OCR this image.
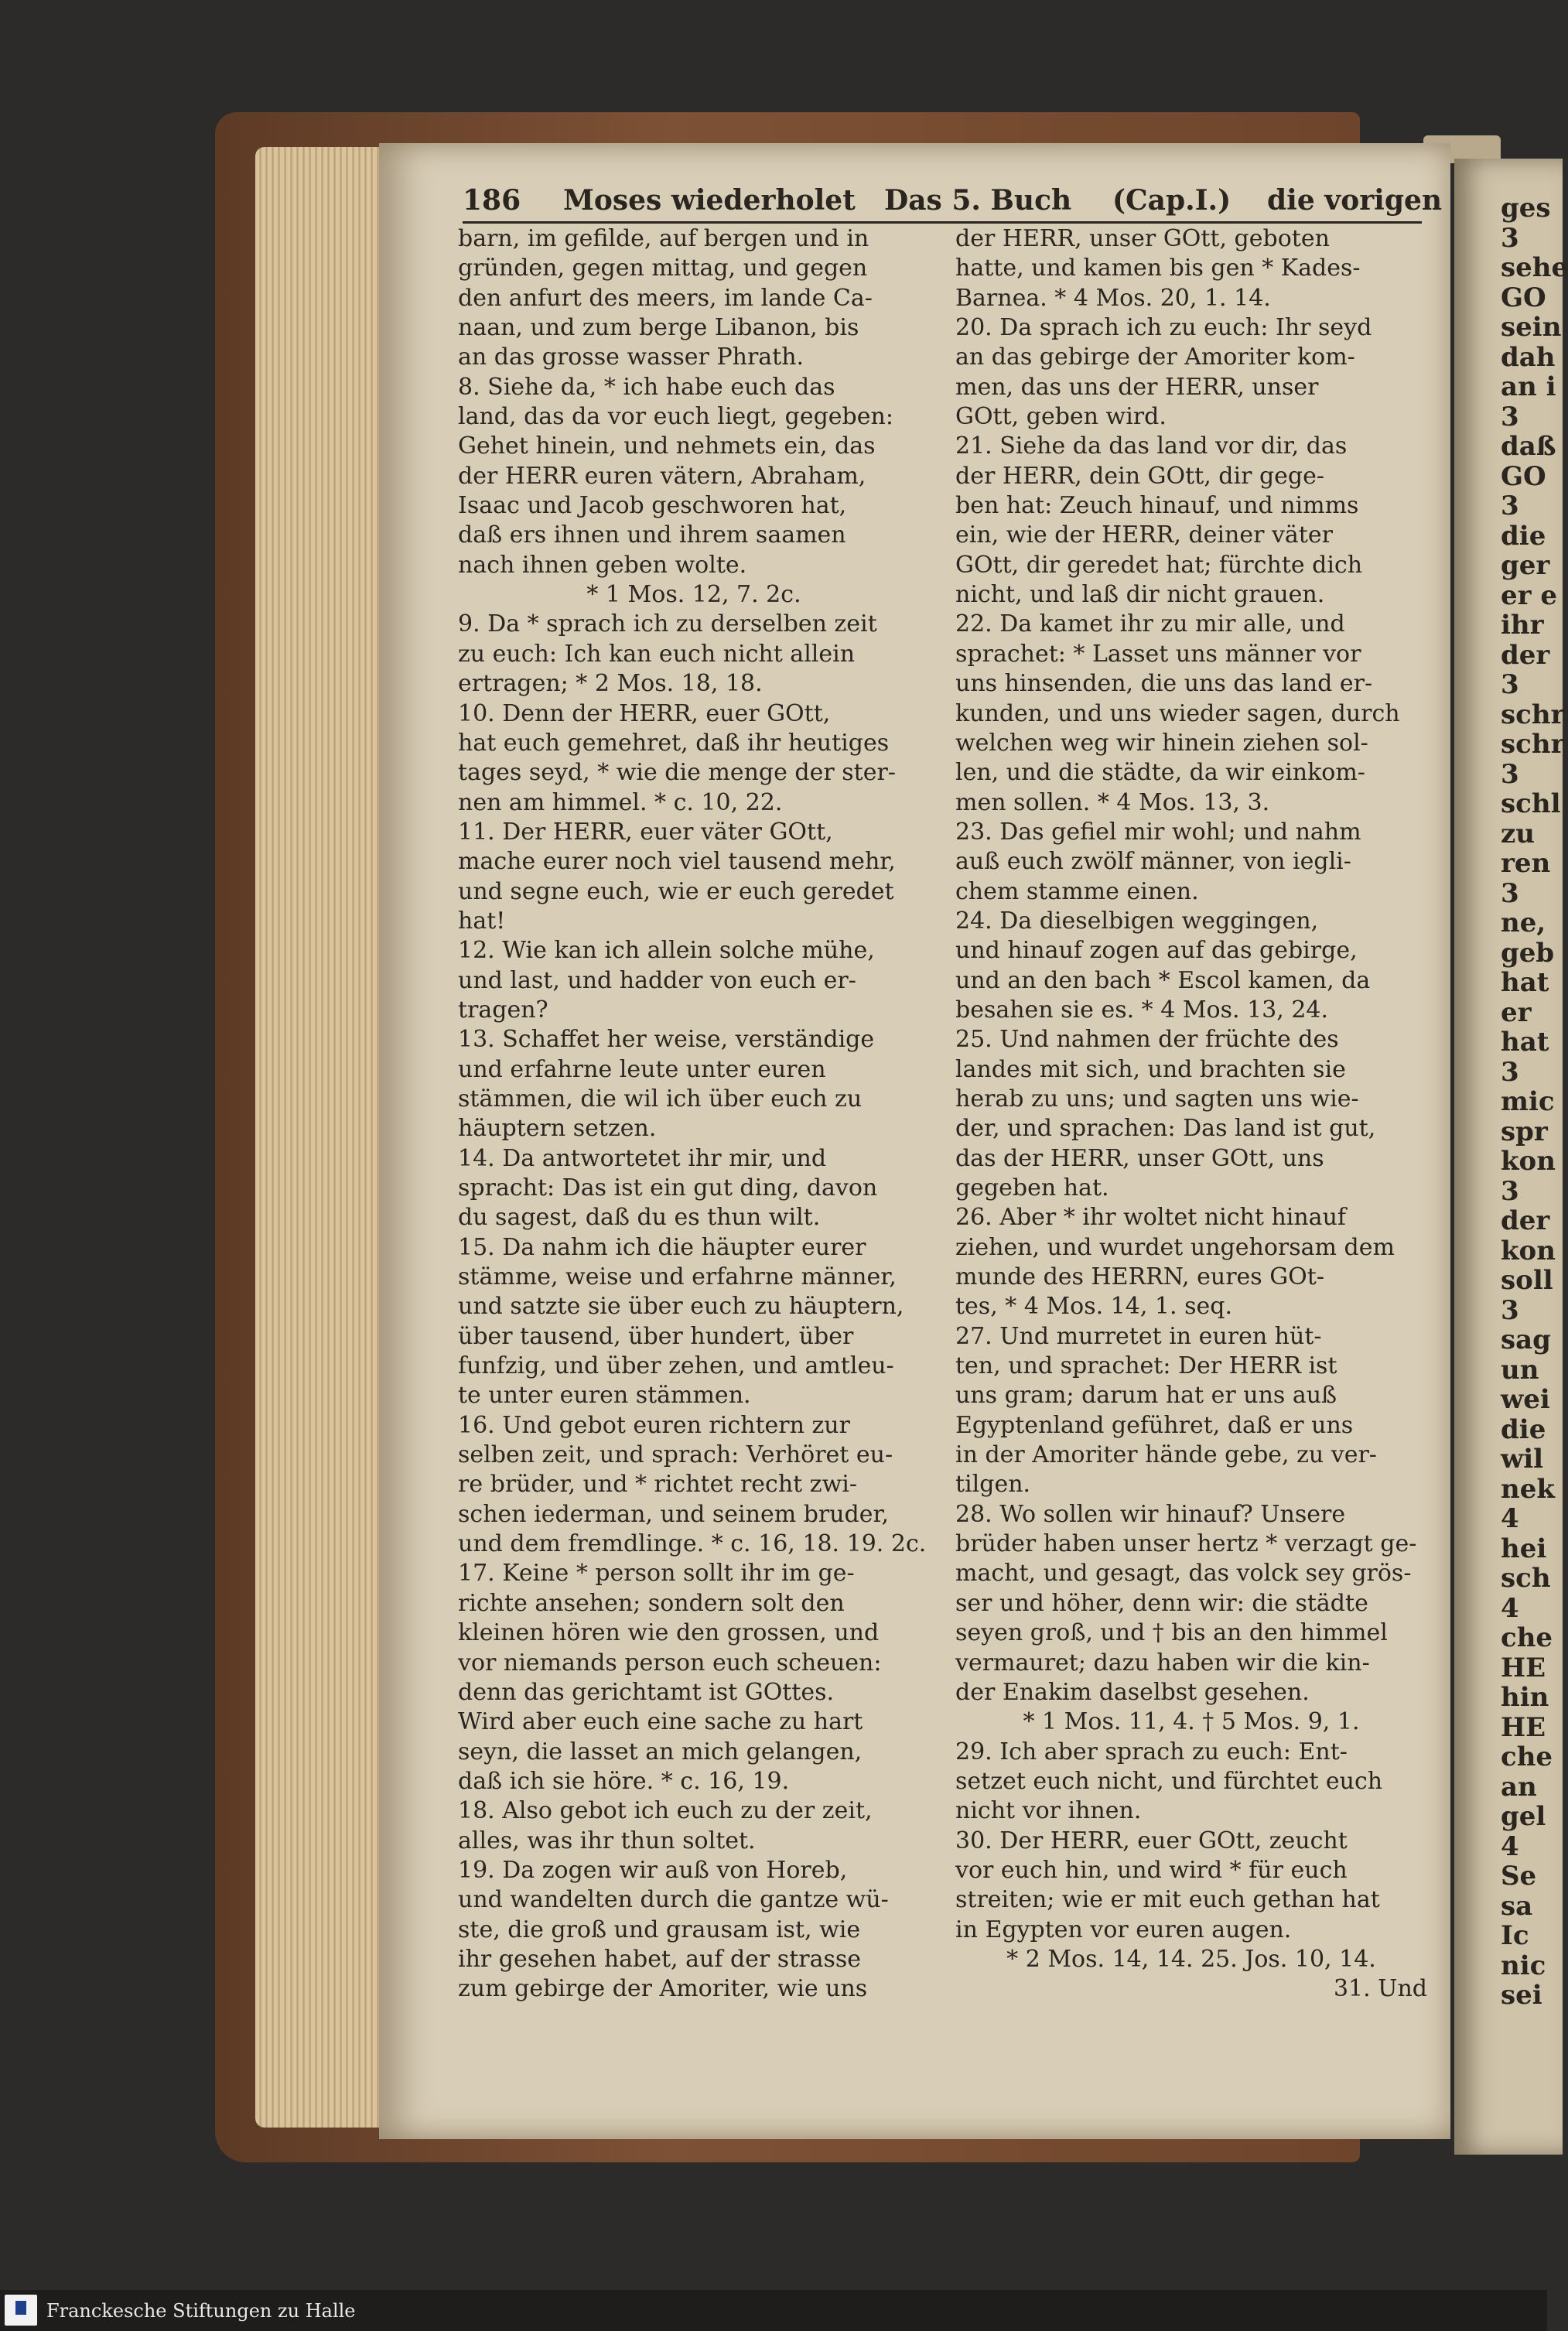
ges
3
sehe
GO
sein
dah
an i
3
daß
GO
3
die
ger
er e
ihr
der
3
schr
schr
3
schl
zu
ren
3
ne,
geb
hat
er
hat
3
mic
spr
kon
3
der
kon
soll
3
sag
un
wei
die
wil
nek
4
hei
sch
4
che
HE
hin
HE
che
an
gel
4
Se
sa
Ic
nic
sei
186 Moses wiederholet Das 5. Buch (Cap.I.) die vorigen
barn, im gefilde, auf bergen und in
gründen, gegen mittag, und gegen
den anfurt des meers, im lande Ca-
naan, und zum berge Libanon, bis
an das grosse wasser Phrath.
8. Siehe da, * ich habe euch das
land, das da vor euch liegt, gegeben:
Gehet hinein, und nehmets ein, das
der HERR euren vätern, Abraham,
Isaac und Jacob geschworen hat,
daß ers ihnen und ihrem saamen
nach ihnen geben wolte.
* 1 Mos. 12, 7. 2c.
9. Da * sprach ich zu derselben zeit
zu euch: Ich kan euch nicht allein
ertragen; * 2 Mos. 18, 18.
10. Denn der HERR, euer GOtt,
hat euch gemehret, daß ihr heutiges
tages seyd, * wie die menge der ster-
nen am himmel. * c. 10, 22.
11. Der HERR, euer väter GOtt,
mache eurer noch viel tausend mehr,
und segne euch, wie er euch geredet
hat!
12. Wie kan ich allein solche mühe,
und last, und hadder von euch er-
tragen?
13. Schaffet her weise, verständige
und erfahrne leute unter euren
stämmen, die wil ich über euch zu
häuptern setzen.
14. Da antwortetet ihr mir, und
spracht: Das ist ein gut ding, davon
du sagest, daß du es thun wilt.
15. Da nahm ich die häupter eurer
stämme, weise und erfahrne männer,
und satzte sie über euch zu häuptern,
über tausend, über hundert, über
funfzig, und über zehen, und amtleu-
te unter euren stämmen.
16. Und gebot euren richtern zur
selben zeit, und sprach: Verhöret eu-
re brüder, und * richtet recht zwi-
schen iederman, und seinem bruder,
und dem fremdlinge. * c. 16, 18. 19. 2c.
17. Keine * person sollt ihr im ge-
richte ansehen; sondern solt den
kleinen hören wie den grossen, und
vor niemands person euch scheuen:
denn das gerichtamt ist GOttes.
Wird aber euch eine sache zu hart
seyn, die lasset an mich gelangen,
daß ich sie höre. * c. 16, 19.
18. Also gebot ich euch zu der zeit,
alles, was ihr thun soltet.
19. Da zogen wir auß von Horeb,
und wandelten durch die gantze wü-
ste, die groß und grausam ist, wie
ihr gesehen habet, auf der strasse
zum gebirge der Amoriter, wie uns
der HERR, unser GOtt, geboten
hatte, und kamen bis gen * Kades-
Barnea. * 4 Mos. 20, 1. 14.
20. Da sprach ich zu euch: Ihr seyd
an das gebirge der Amoriter kom-
men, das uns der HERR, unser
GOtt, geben wird.
21. Siehe da das land vor dir, das
der HERR, dein GOtt, dir gege-
ben hat: Zeuch hinauf, und nimms
ein, wie der HERR, deiner väter
GOtt, dir geredet hat; fürchte dich
nicht, und laß dir nicht grauen.
22. Da kamet ihr zu mir alle, und
sprachet: * Lasset uns männer vor
uns hinsenden, die uns das land er-
kunden, und uns wieder sagen, durch
welchen weg wir hinein ziehen sol-
len, und die städte, da wir einkom-
men sollen. * 4 Mos. 13, 3.
23. Das gefiel mir wohl; und nahm
auß euch zwölf männer, von iegli-
chem stamme einen.
24. Da dieselbigen weggingen,
und hinauf zogen auf das gebirge,
und an den bach * Escol kamen, da
besahen sie es. * 4 Mos. 13, 24.
25. Und nahmen der früchte des
landes mit sich, und brachten sie
herab zu uns; und sagten uns wie-
der, und sprachen: Das land ist gut,
das der HERR, unser GOtt, uns
gegeben hat.
26. Aber * ihr woltet nicht hinauf
ziehen, und wurdet ungehorsam dem
munde des HERRN, eures GOt-
tes, * 4 Mos. 14, 1. seq.
27. Und murretet in euren hüt-
ten, und sprachet: Der HERR ist
uns gram; darum hat er uns auß
Egyptenland geführet, daß er uns
in der Amoriter hände gebe, zu ver-
tilgen.
28. Wo sollen wir hinauf? Unsere
brüder haben unser hertz * verzagt ge-
macht, und gesagt, das volck sey grös-
ser und höher, denn wir: die städte
seyen groß, und † bis an den himmel
vermauret; dazu haben wir die kin-
der Enakim daselbst gesehen.
* 1 Mos. 11, 4. † 5 Mos. 9, 1.
29. Ich aber sprach zu euch: Ent-
setzet euch nicht, und fürchtet euch
nicht vor ihnen.
30. Der HERR, euer GOtt, zeucht
vor euch hin, und wird * für euch
streiten; wie er mit euch gethan hat
in Egypten vor euren augen.
* 2 Mos. 14, 14. 25. Jos. 10, 14.
31. Und
Franckesche Stiftungen zu Halle
